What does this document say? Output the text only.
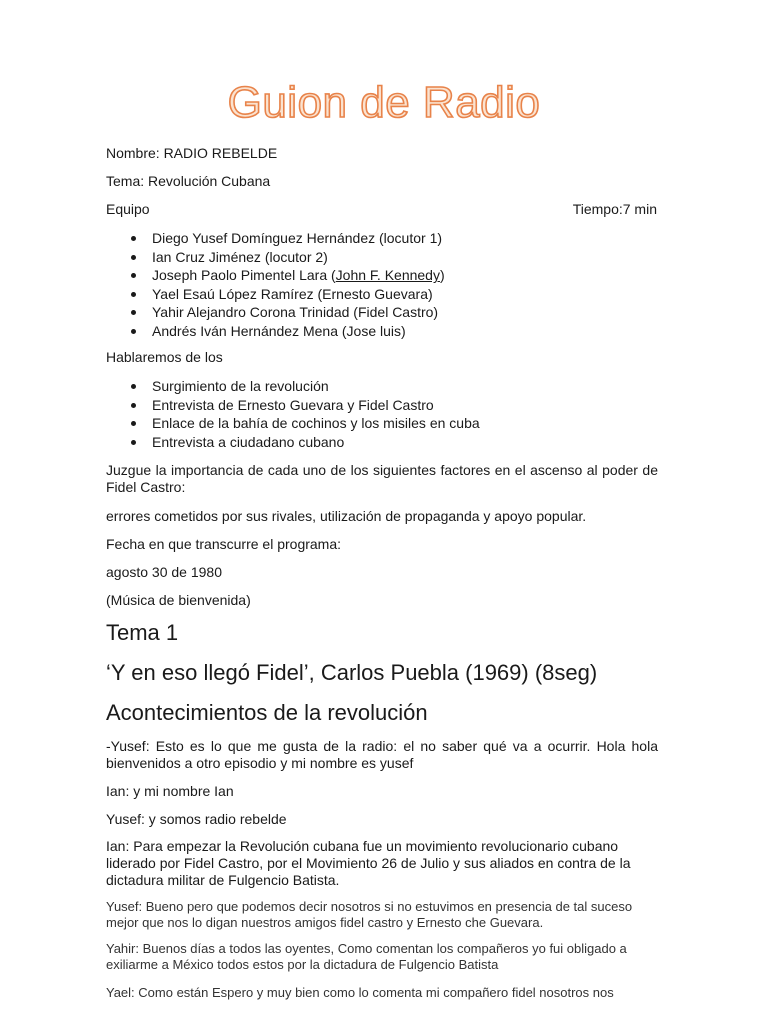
Guion de Radio

Nombre: RADIO REBELDE

Tema: Revolución Cubana

Equipo	Tiempo:7 min

Diego Yusef Domínguez Hernández (locutor 1)
Ian Cruz Jiménez (locutor 2)
Joseph Paolo Pimentel Lara (John F. Kennedy)
Yael Esaú López Ramírez (Ernesto Guevara)
Yahir Alejandro Corona Trinidad (Fidel Castro)
Andrés Iván Hernández Mena (Jose luis)

Hablaremos de los

Surgimiento de la revolución
Entrevista de Ernesto Guevara y Fidel Castro
Enlace de la bahía de cochinos y los misiles en cuba
Entrevista a ciudadano cubano

Juzgue la importancia de cada uno de los siguientes factores en el ascenso al poder de Fidel Castro:

errores cometidos por sus rivales, utilización de propaganda y apoyo popular.

Fecha en que transcurre el programa:

agosto 30 de 1980

(Música de bienvenida)

Tema 1

‘Y en eso llegó Fidel’, Carlos Puebla (1969) (8seg)

Acontecimientos de la revolución

-Yusef: Esto es lo que me gusta de la radio: el no saber qué va a ocurrir. Hola hola bienvenidos a otro episodio y mi nombre es yusef

Ian: y mi nombre Ian

Yusef: y somos radio rebelde

Ian: Para empezar la Revolución cubana fue un movimiento revolucionario cubano liderado por Fidel Castro, por el Movimiento 26 de Julio y sus aliados en contra de la dictadura militar de Fulgencio Batista.

Yusef: Bueno pero que podemos decir nosotros si no estuvimos en presencia de tal suceso mejor que nos lo digan nuestros amigos fidel castro y Ernesto che Guevara.

Yahir: Buenos días a todos las oyentes, Como comentan los compañeros yo fui obligado a exiliarme a México todos estos por la dictadura de Fulgencio Batista

Yael: Como están Espero y muy bien como lo comenta mi compañero fidel nosotros nos
